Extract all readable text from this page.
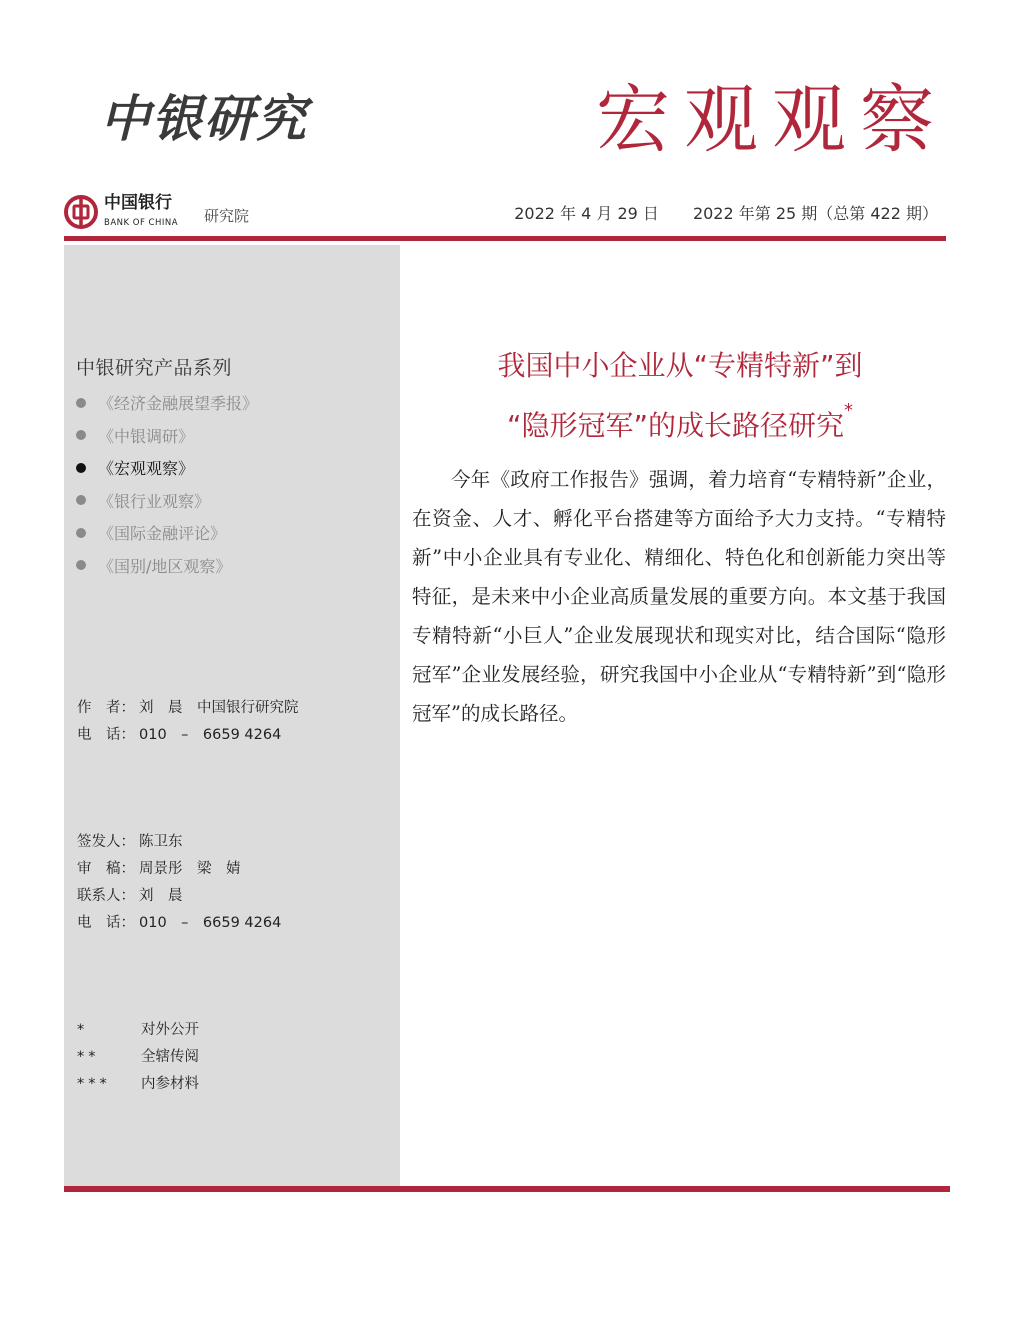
中银研究	宏观观察
中国银行
BANK OF CHINA 研究院	2022 年 4 月 29 日 2022 年第 25 期（总第 422 期）
中银研究产品系列
《经济金融展望季报》
《中银调研》
《宏观观察》
《银行业观察》
《国际金融评论》
《国别/地区观察》
作　者： 刘　晨　中国银行研究院
电　话： 010　–　6659 4264
签发人： 陈卫东
审　稿： 周景彤　梁　婧
联系人： 刘　晨
电　话： 010　–　6659 4264
*	对外公开
**	全辖传阅
*** 内参材料
我国中小企业从“专精特新”到
“隐形冠军”的成长路径研究*

今年《政府工作报告》强调，着力培育“专精特新”企业，在资金、人才、孵化平台搭建等方面给予大力支持。“专精特新”中小企业具有专业化、精细化、特色化和创新能力突出等特征，是未来中小企业高质量发展的重要方向。本文基于我国专精特新“小巨人”企业发展现状和现实对比，结合国际“隐形冠军”企业发展经验，研究我国中小企业从“专精特新”到“隐形冠军”的成长路径。
